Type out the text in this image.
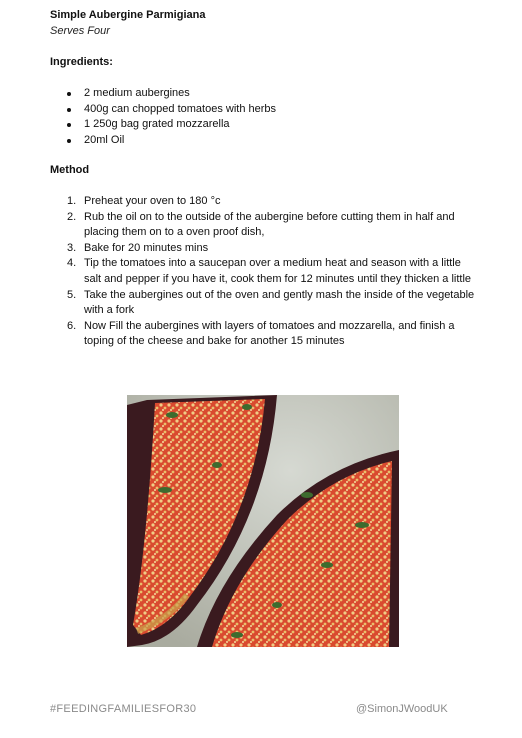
Simple Aubergine Parmigiana
Serves Four
Ingredients:
2 medium aubergines
400g can chopped tomatoes with herbs
1 250g bag grated mozzarella
20ml Oil
Method
1. Preheat your oven to 180 °c
2. Rub the oil on to the outside of the aubergine before cutting them in half and placing them on to a oven proof dish,
3. Bake for 20 minutes mins
4. Tip the tomatoes into a saucepan over a medium heat and season with a little salt and pepper if you have it, cook them for 12 minutes until they thicken a little
5. Take the aubergines out of the oven and gently mash the inside of the vegetable with a fork
6. Now Fill the aubergines with layers of tomatoes and mozzarella, and finish a toping of the cheese and bake for another 15 minutes
#FEEDINGFAMILIESFOR30	@SimonJWoodUK
